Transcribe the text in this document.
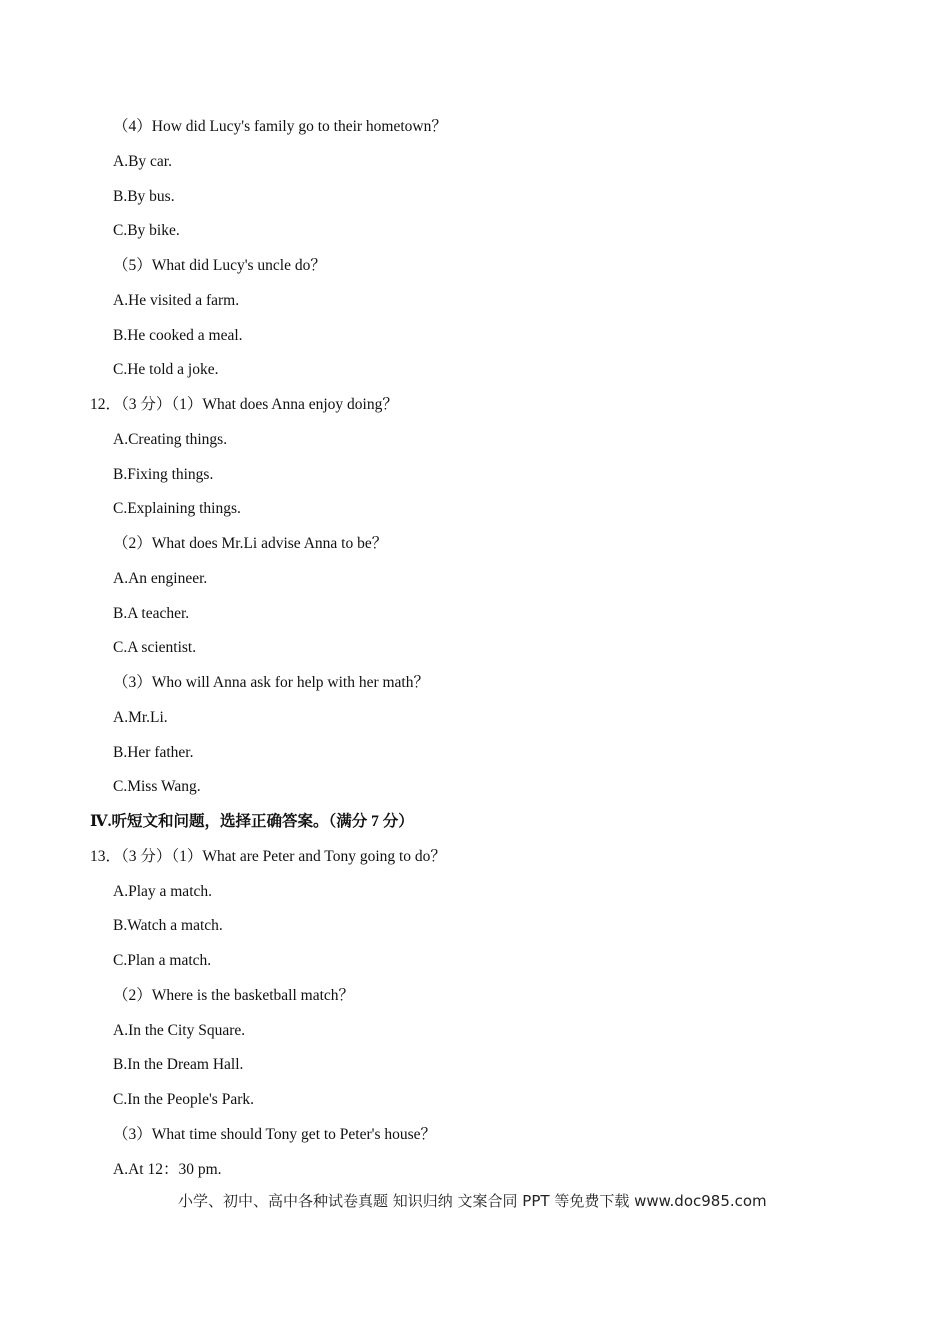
（4）How did Lucy's family go to their hometown？
A.By car.
B.By bus.
C.By bike.
（5）What did Lucy's uncle do？
A.He visited a farm.
B.He cooked a meal.
C.He told a joke.
12．（3 分）（1）What does Anna enjoy doing？
A.Creating things.
B.Fixing things.
C.Explaining things.
（2）What does Mr.Li advise Anna to be？
A.An engineer.
B.A teacher.
C.A scientist.
（3）Who will Anna ask for help with her math？
A.Mr.Li.
B.Her father.
C.Miss Wang.
Ⅳ.听短文和问题，选择正确答案。（满分 7 分）
13．（3 分）（1）What are Peter and Tony going to do？
A.Play a match.
B.Watch a match.
C.Plan a match.
（2）Where is the basketball match？
A.In the City Square.
B.In the Dream Hall.
C.In the People's Park.
（3）What time should Tony get to Peter's house？
A.At 12：30 pm.
小学、初中、高中各种试卷真题 知识归纳 文案合同 PPT 等免费下载 www.doc985.com
